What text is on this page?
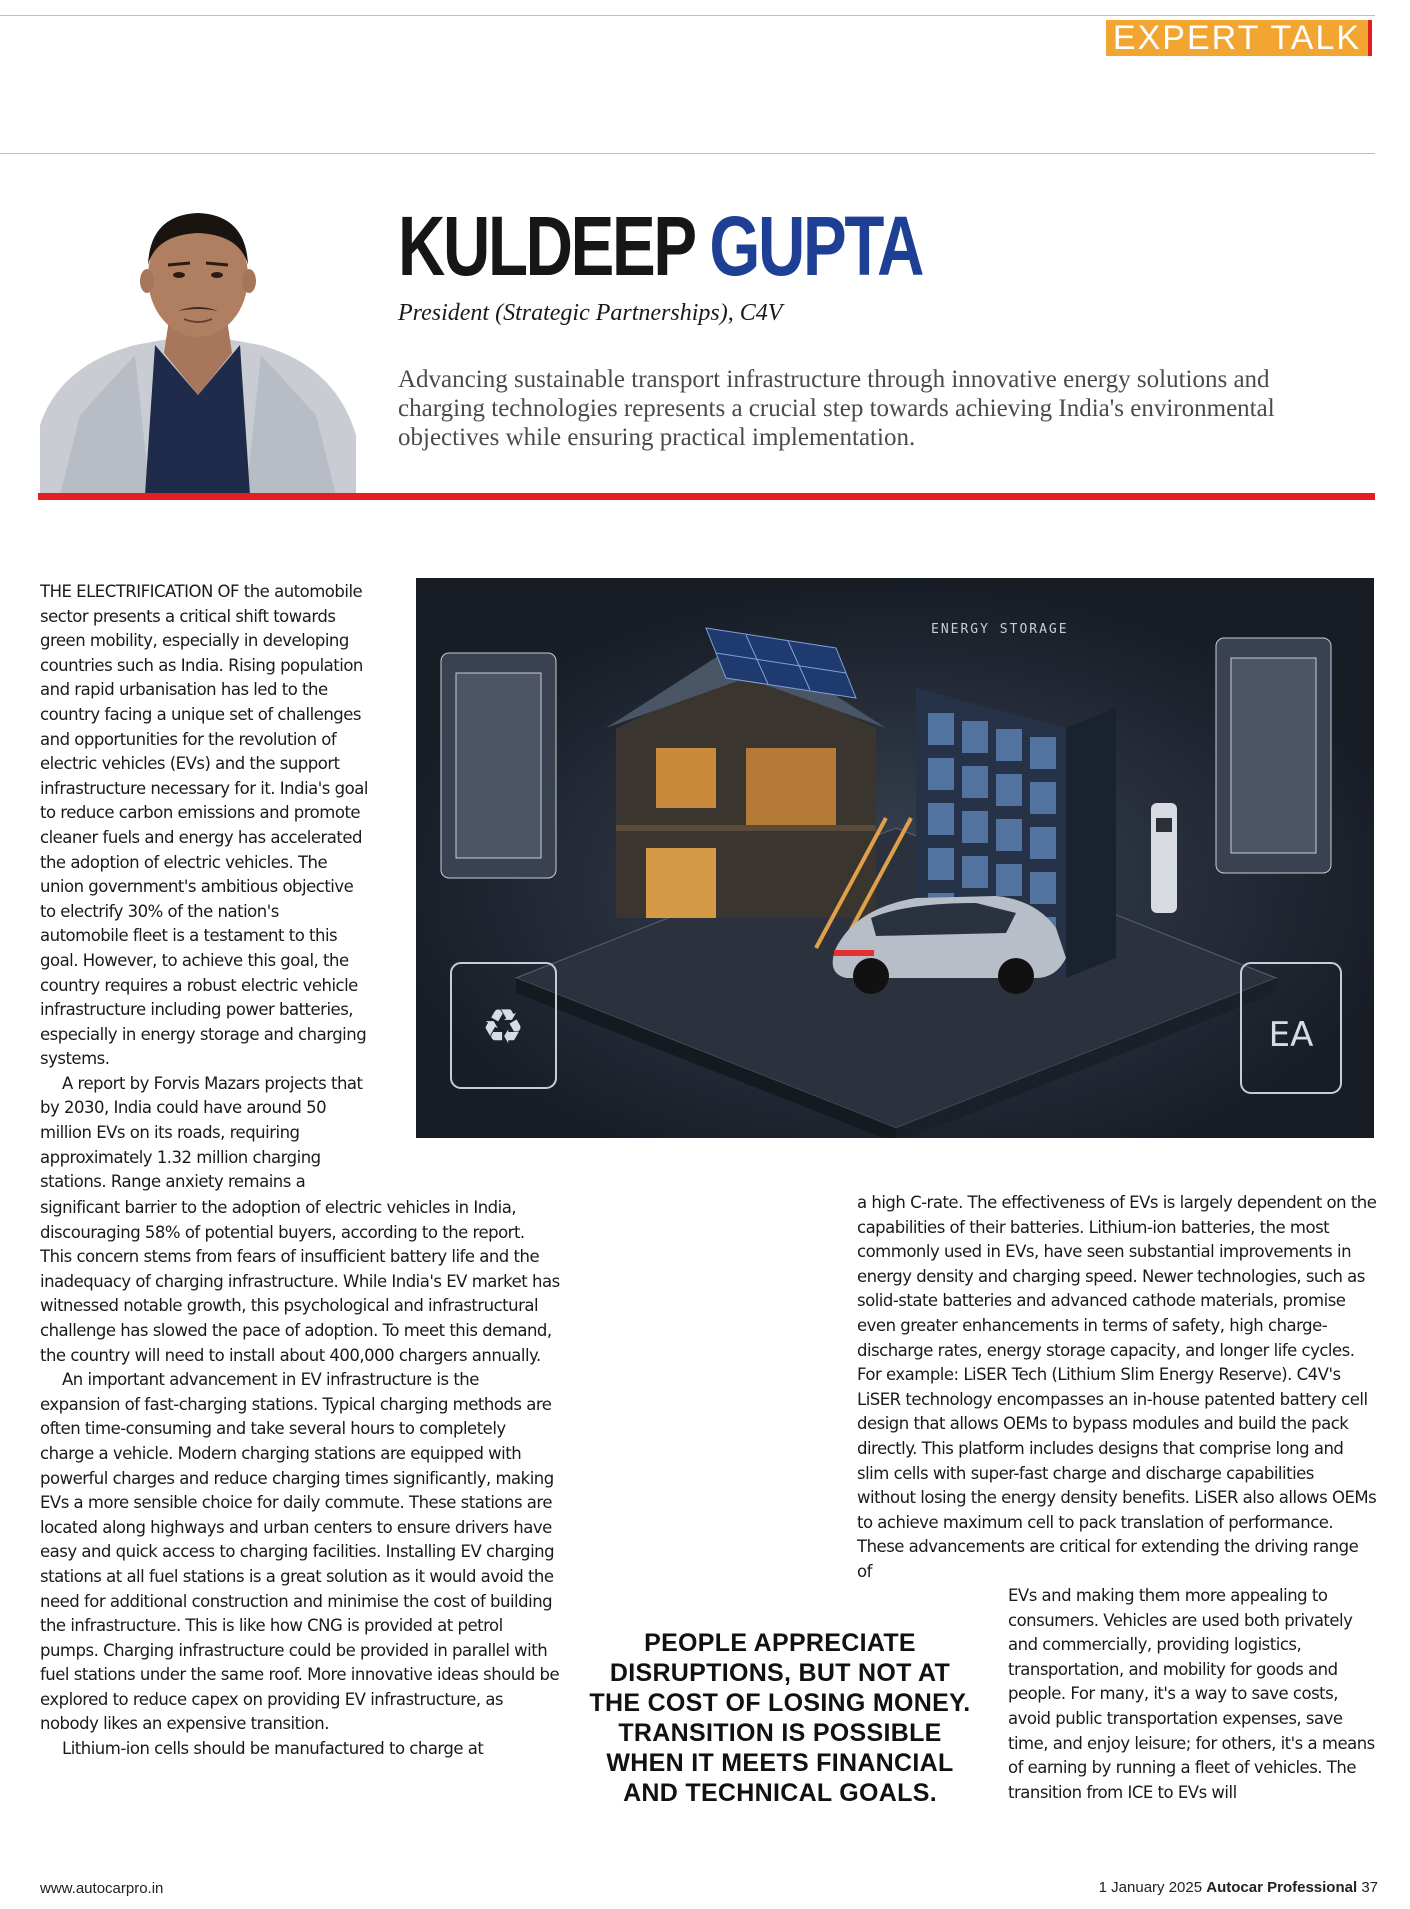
EXPERT TALK
KULDEEP GUPTA
President (Strategic Partnerships), C4V
Advancing sustainable transport infrastructure through innovative energy solutions and charging technologies represents a crucial step towards achieving India's environmental objectives while ensuring practical implementation.

THE ELECTRIFICATION OF the automobile sector presents a critical shift towards green mobility, especially in developing countries such as India. Rising population and rapid urbanisation has led to the country facing a unique set of challenges and opportunities for the revolution of electric vehicles (EVs) and the support infrastructure necessary for it. India's goal to reduce carbon emissions and promote cleaner fuels and energy has accelerated the adoption of electric vehicles. The union government's ambitious objective to electrify 30% of the nation's automobile fleet is a testament to this goal. However, to achieve this goal, the country requires a robust electric vehicle infrastructure including power batteries, especially in energy storage and charging systems.

A report by Forvis Mazars projects that by 2030, India could have around 50 million EVs on its roads, requiring approximately 1.32 million charging stations. Range anxiety remains a

♻	EA
ENERGY STORAGE

significant barrier to the adoption of electric vehicles in India, discouraging 58% of potential buyers, according to the report. This concern stems from fears of insufficient battery life and the inadequacy of charging infrastructure. While India's EV market has witnessed notable growth, this psychological and infrastructural challenge has slowed the pace of adoption. To meet this demand, the country will need to install about 400,000 chargers annually.

An important advancement in EV infrastructure is the expansion of fast-charging stations. Typical charging methods are often time-consuming and take several hours to completely charge a vehicle. Modern charging stations are equipped with powerful charges and reduce charging times significantly, making EVs a more sensible choice for daily commute. These stations are located along highways and urban centers to ensure drivers have easy and quick access to charging facilities. Installing EV charging stations at all fuel stations is a great solution as it would avoid the need for additional construction and minimise the cost of building the infrastructure. This is like how CNG is provided at petrol pumps. Charging infrastructure could be provided in parallel with fuel stations under the same roof. More innovative ideas should be explored to reduce capex on providing EV infrastructure, as nobody likes an expensive transition.

Lithium-ion cells should be manufactured to charge at

a high C-rate. The effectiveness of EVs is largely dependent on the capabilities of their batteries. Lithium-ion batteries, the most commonly used in EVs, have seen substantial improvements in energy density and charging speed. Newer technologies, such as solid-state batteries and advanced cathode materials, promise even greater enhancements in terms of safety, high charge-discharge rates, energy storage capacity, and longer life cycles. For example: LiSER Tech (Lithium Slim Energy Reserve). C4V's LiSER technology encompasses an in-house patented battery cell design that allows OEMs to bypass modules and build the pack directly. This platform includes designs that comprise long and slim cells with super-fast charge and discharge capabilities without losing the energy density benefits. LiSER also allows OEMs to achieve maximum cell to pack translation of performance. These advancements are critical for extending the driving range of

EVs and making them more appealing to consumers. Vehicles are used both privately and commercially, providing logistics, transportation, and mobility for goods and people. For many, it's a way to save costs, avoid public transportation expenses, save time, and enjoy leisure; for others, it's a means of earning by running a fleet of vehicles. The transition from ICE to EVs will

PEOPLE APPRECIATE DISRUPTIONS, BUT NOT AT THE COST OF LOSING MONEY. TRANSITION IS POSSIBLE WHEN IT MEETS FINANCIAL AND TECHNICAL GOALS.
www.autocarpro.in	1 January 2025 Autocar Professional 37
